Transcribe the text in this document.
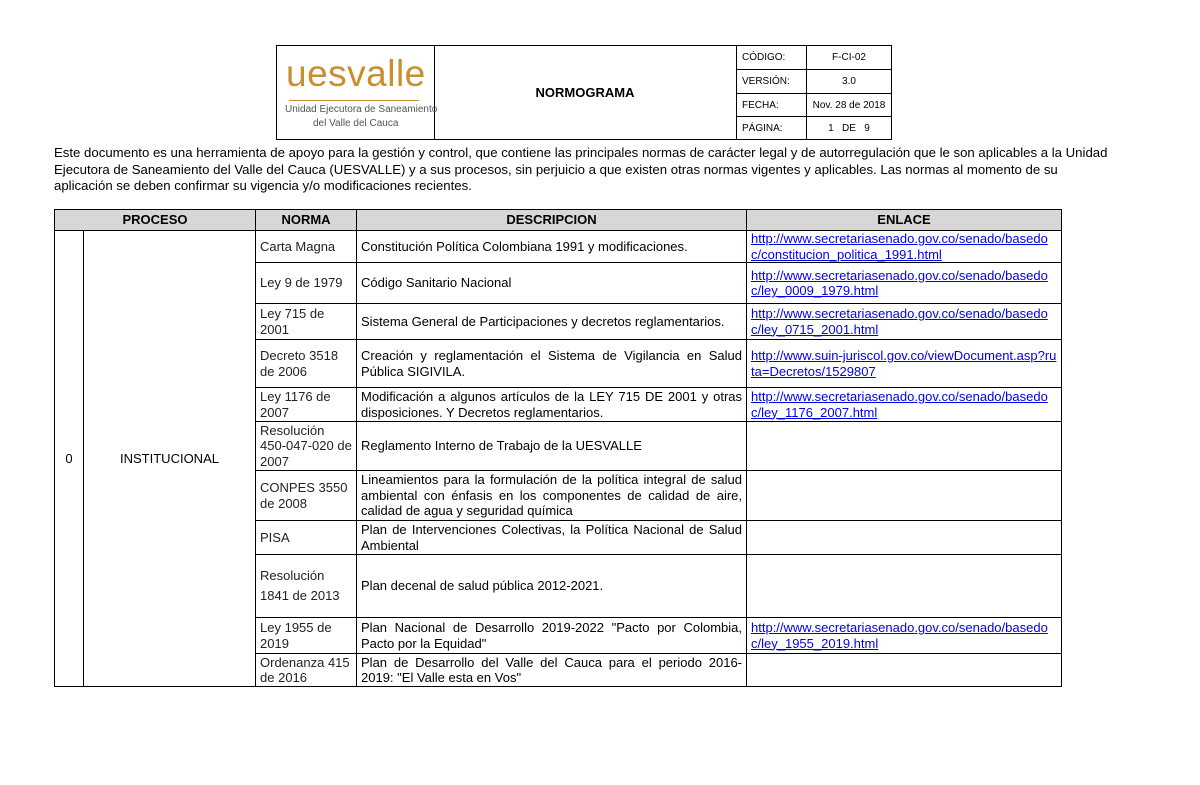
uesvalle
Unidad Ejecutora de Saneamiento
del Valle del Cauca
NORMOGRAMA
CÓDIGO:	F-CI-02
VERSIÓN:	3.0
FECHA:	Nov. 28 de 2018
PÁGINA:	1   DE   9
Este documento es una herramienta de apoyo para la gestión y control, que contiene las principales normas de carácter legal y de autorregulación que le son aplicables a la Unidad Ejecutora de Saneamiento del Valle del Cauca (UESVALLE) y a sus procesos, sin perjuicio a que existen otras normas vigentes y aplicables. Las normas al momento de su aplicación se deben confirmar su vigencia y/o modificaciones recientes.
PROCESO		NORMA	DESCRIPCION	ENLACE
0	INSTITUCIONAL	Carta Magna	Constitución Política Colombiana 1991 y modificaciones.	http://www.secretariasenado.gov.co/senado/basedoc/constitucion_politica_1991.html
		Ley 9 de 1979	Código Sanitario Nacional	http://www.secretariasenado.gov.co/senado/basedoc/ley_0009_1979.html
		Ley 715 de 2001	Sistema General de Participaciones y decretos reglamentarios.	http://www.secretariasenado.gov.co/senado/basedoc/ley_0715_2001.html
		Decreto 3518 de 2006	Creación y reglamentación el Sistema de Vigilancia en Salud Pública SIGIVILA.	http://www.suin-juriscol.gov.co/viewDocument.asp?ruta=Decretos/1529807
		Ley 1176 de 2007	Modificación a algunos artículos de la LEY 715 DE 2001 y otras disposiciones. Y Decretos reglamentarios.	http://www.secretariasenado.gov.co/senado/basedoc/ley_1176_2007.html
		Resolución 450-047-020 de 2007	Reglamento Interno de Trabajo de la UESVALLE	
		CONPES 3550 de 2008	Lineamientos para la formulación de la política integral de salud ambiental con énfasis en los componentes de calidad de aire, calidad de agua y seguridad química	
		PISA	Plan de Intervenciones Colectivas, la Política Nacional de Salud Ambiental	
		Resolución 1841 de 2013	Plan decenal de salud pública 2012-2021.	
		Ley 1955 de 2019	Plan Nacional de Desarrollo 2019-2022 "Pacto por Colombia, Pacto por la Equidad"	http://www.secretariasenado.gov.co/senado/basedoc/ley_1955_2019.html
		Ordenanza 415 de 2016	Plan de Desarrollo del Valle del Cauca para el periodo 2016-2019: "El Valle esta en Vos"	
